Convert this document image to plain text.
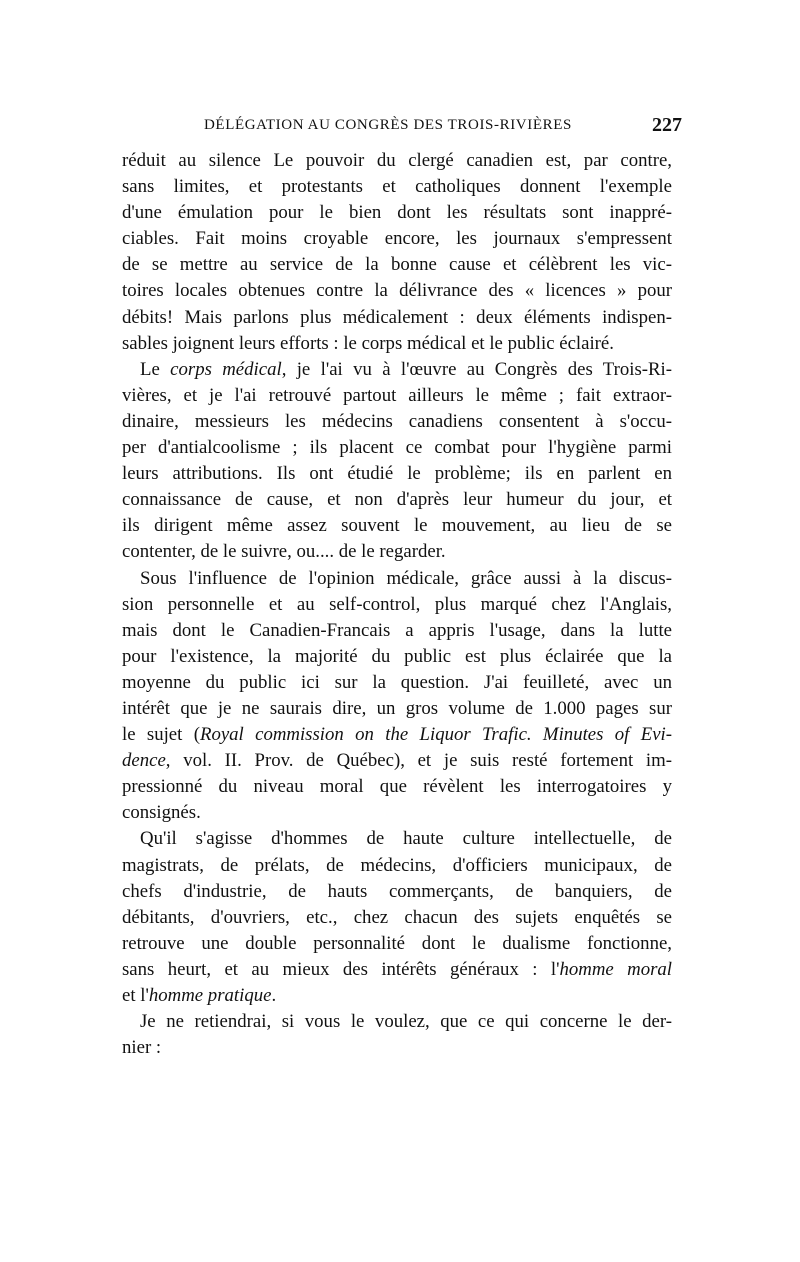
DÉLÉGATION AU CONGRÈS DES TROIS-RIVIÈRES	227
réduit au silence Le pouvoir du clergé canadien est, par contre,
sans limites, et protestants et catholiques donnent l'exemple
d'une émulation pour le bien dont les résultats sont inappré-
ciables. Fait moins croyable encore, les journaux s'empressent
de se mettre au service de la bonne cause et célèbrent les vic-
toires locales obtenues contre la délivrance des « licences » pour
débits! Mais parlons plus médicalement : deux éléments indispen-
sables joignent leurs efforts : le corps médical et le public éclairé.
Le corps médical, je l'ai vu à l'œuvre au Congrès des Trois-Ri-
vières, et je l'ai retrouvé partout ailleurs le même ; fait extraor-
dinaire, messieurs les médecins canadiens consentent à s'occu-
per d'antialcoolisme ; ils placent ce combat pour l'hygiène parmi
leurs attributions. Ils ont étudié le problème; ils en parlent en
connaissance de cause, et non d'après leur humeur du jour, et
ils dirigent même assez souvent le mouvement, au lieu de se
contenter, de le suivre, ou.... de le regarder.
Sous l'influence de l'opinion médicale, grâce aussi à la discus-
sion personnelle et au self-control, plus marqué chez l'Anglais,
mais dont le Canadien-Francais a appris l'usage, dans la lutte
pour l'existence, la majorité du public est plus éclairée que la
moyenne du public ici sur la question. J'ai feuilleté, avec un
intérêt que je ne saurais dire, un gros volume de 1.000 pages sur
le sujet (Royal commission on the Liquor Trafic. Minutes of Evi-
dence, vol. II. Prov. de Québec), et je suis resté fortement im-
pressionné du niveau moral que révèlent les interrogatoires y
consignés.
Qu'il s'agisse d'hommes de haute culture intellectuelle, de
magistrats, de prélats, de médecins, d'officiers municipaux, de
chefs d'industrie, de hauts commerçants, de banquiers, de
débitants, d'ouvriers, etc., chez chacun des sujets enquêtés se
retrouve une double personnalité dont le dualisme fonctionne,
sans heurt, et au mieux des intérêts généraux : l'homme moral
et l'homme pratique.
Je ne retiendrai, si vous le voulez, que ce qui concerne le der-
nier :
